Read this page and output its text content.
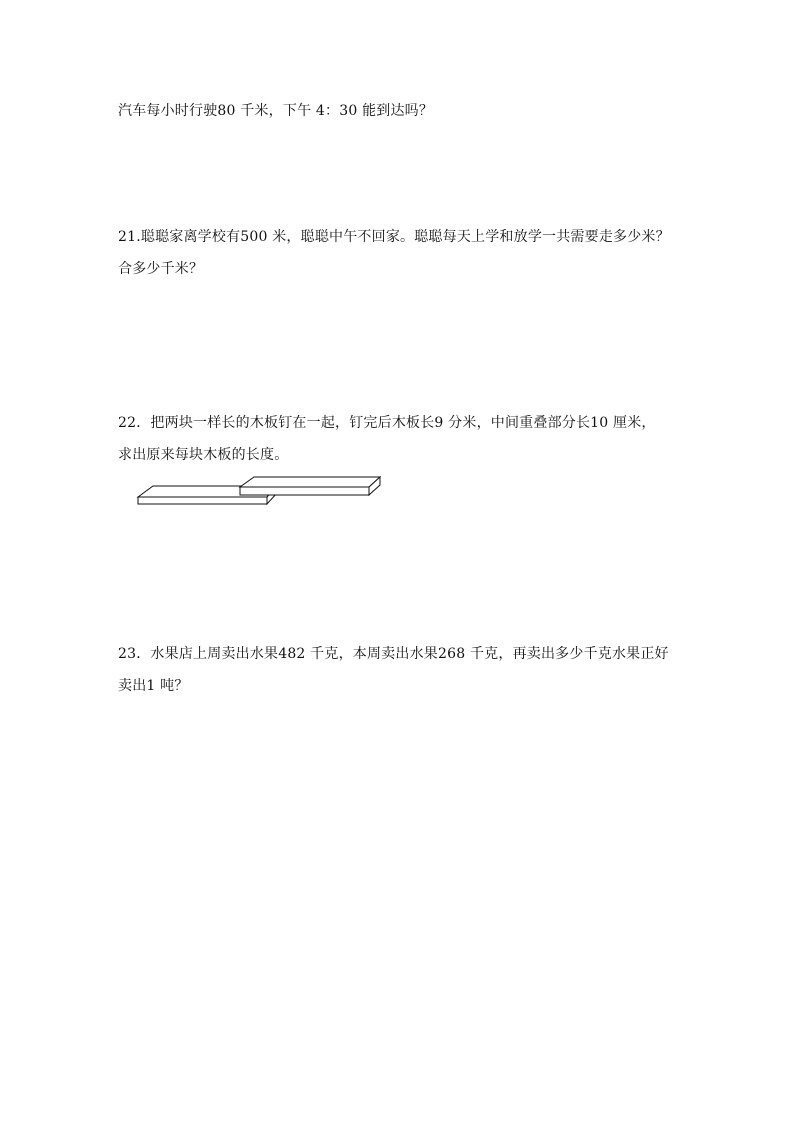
汽车每小时行驶80 千米，下午 4：30 能到达吗？
21.聪聪家离学校有500 米，聪聪中午不回家。聪聪每天上学和放学一共需要走多少米？
合多少千米？
22．把两块一样长的木板钉在一起，钉完后木板长9 分米，中间重叠部分长10 厘米，
求出原来每块木板的长度。
23．水果店上周卖出水果482 千克，本周卖出水果268 千克，再卖出多少千克水果正好
卖出1 吨？
